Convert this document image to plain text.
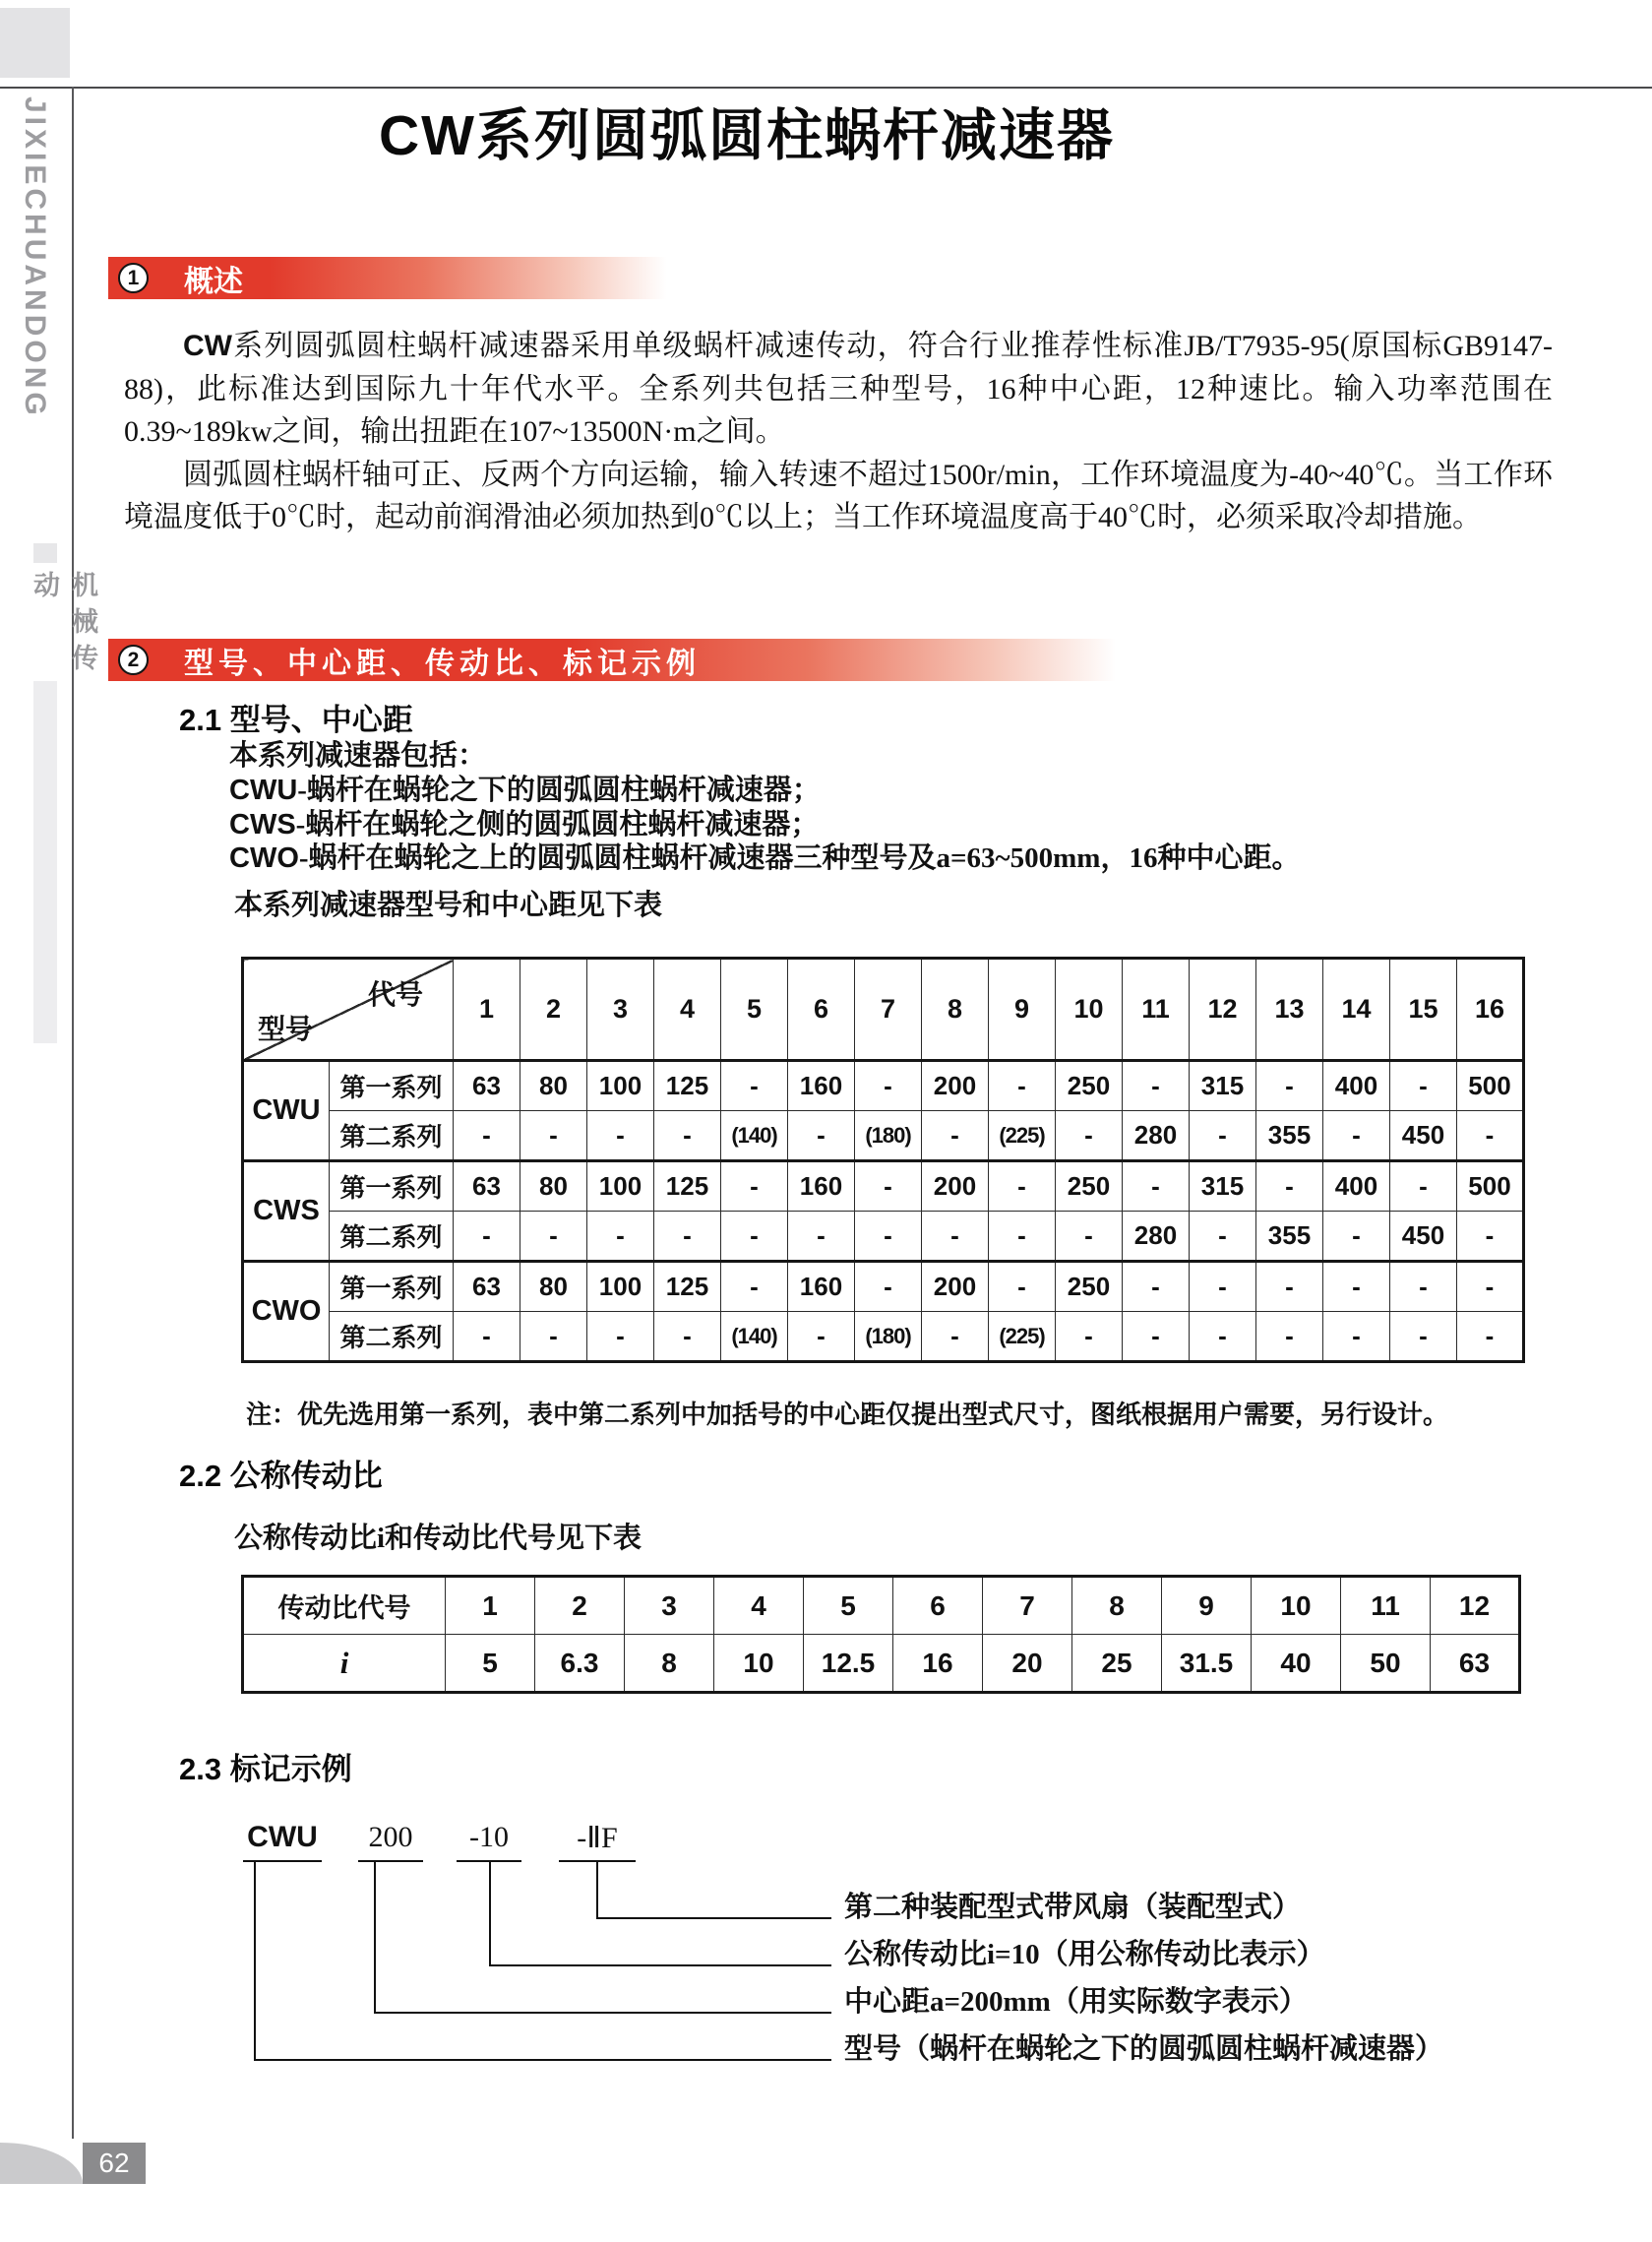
JIXIECHUANDONG
机械传动
CW系列圆弧圆柱蜗杆减速器
1	概述

CW系列圆弧圆柱蜗杆减速器采用单级蜗杆减速传动，符合行业推荐性标准JB/T7935-95(原国标GB9147-88)，此标准达到国际九十年代水平。全系列共包括三种型号，16种中心距，12种速比。输入功率范围在0.39~189kw之间，输出扭距在107~13500N·m之间。

圆弧圆柱蜗杆轴可正、反两个方向运输，输入转速不超过1500r/min，工作环境温度为-40~40℃。当工作环境温度低于0℃时，起动前润滑油必须加热到0℃以上；当工作环境温度高于40℃时，必须采取冷却措施。

2	型号、中心距、传动比、标记示例
2.1 型号、中心距
本系列减速器包括：
CWU-蜗杆在蜗轮之下的圆弧圆柱蜗杆减速器；
CWS-蜗杆在蜗轮之侧的圆弧圆柱蜗杆减速器；
CWO-蜗杆在蜗轮之上的圆弧圆柱蜗杆减速器三种型号及a=63~500mm，16种中心距。
本系列减速器型号和中心距见下表
代号
型号		1	2	3	4	5	6	7	8	9	10	11	12	13	14	15	16
CWU	第一系列	63	80	100	125	-	160	-	200	-	250	-	315	-	400	-	500
	第二系列	-	-	-	-	(140)	-	(180)	-	(225)	-	280	-	355	-	450	-
CWS	第一系列	63	80	100	125	-	160	-	200	-	250	-	315	-	400	-	500
	第二系列	-	-	-	-	-	-	-	-	-	-	280	-	355	-	450	-
CWO	第一系列	63	80	100	125	-	160	-	200	-	250	-	-	-	-	-	-
	第二系列	-	-	-	-	(140)	-	(180)	-	(225)	-	-	-	-	-	-	-
注：优先选用第一系列，表中第二系列中加括号的中心距仅提出型式尺寸，图纸根据用户需要，另行设计。
2.2 公称传动比
公称传动比i和传动比代号见下表
传动比代号	1	2	3	4	5	6	7	8	9	10	11	12
i	5	6.3	8	10	12.5	16	20	25	31.5	40	50	63
2.3 标记示例
CWU	200	-10	-ⅡF
第二种装配型式带风扇（装配型式）
公称传动比i=10（用公称传动比表示）
中心距a=200mm（用实际数字表示）
型号（蜗杆在蜗轮之下的圆弧圆柱蜗杆减速器）
62
